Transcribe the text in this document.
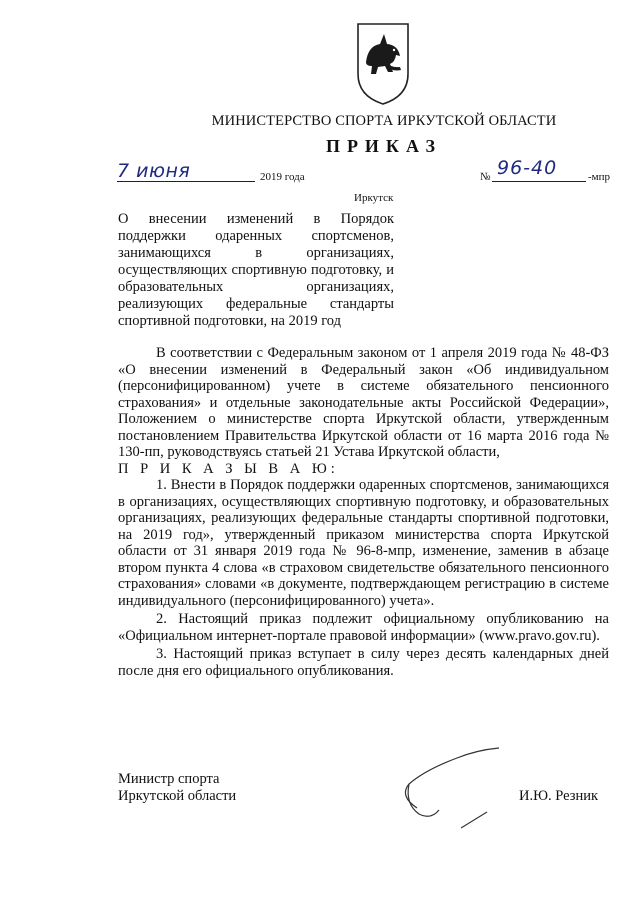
МИНИСТЕРСТВО СПОРТА ИРКУТСКОЙ ОБЛАСТИ
ПРИКАЗ
7 июня	2019 года	№ 96-40	-мпр
Иркутск
О внесении изменений в Порядок поддержки одаренных спортсменов, занимающихся в организациях, осуществляющих спортивную подготовку, и образовательных организациях, реализующих федеральные стандарты спортивной подготовки, на 2019 год

В соответствии с Федеральным законом от 1 апреля 2019 года № 48-ФЗ «О внесении изменений в Федеральный закон «Об индивидуальном (персонифицированном) учете в системе обязательного пенсионного страхования» и отдельные законодательные акты Российской Федерации», Положением о министерстве спорта Иркутской области, утвержденным постановлением Правительства Иркутской области от 16 марта 2016 года № 130-пп, руководствуясь статьей 21 Устава Иркутской области,

П Р И К А З Ы В А Ю:

1. Внести в Порядок поддержки одаренных спортсменов, занимающихся в организациях, осуществляющих спортивную подготовку, и образовательных организациях, реализующих федеральные стандарты спортивной подготовки, на 2019 год», утвержденный приказом министерства спорта Иркутской области от 31 января 2019 года № 96-8-мпр, изменение, заменив в абзаце втором пункта 4 слова «в страховом свидетельстве обязательного пенсионного страхования» словами «в документе, подтверждающем регистрацию в системе индивидуального (персонифицированного) учета».

2. Настоящий приказ подлежит официальному опубликованию на «Официальном интернет-портале правовой информации» (www.pravo.gov.ru).

3. Настоящий приказ вступает в силу через десять календарных дней после дня его официального опубликования.

Министр спорта
Иркутской области	И.Ю. Резник
